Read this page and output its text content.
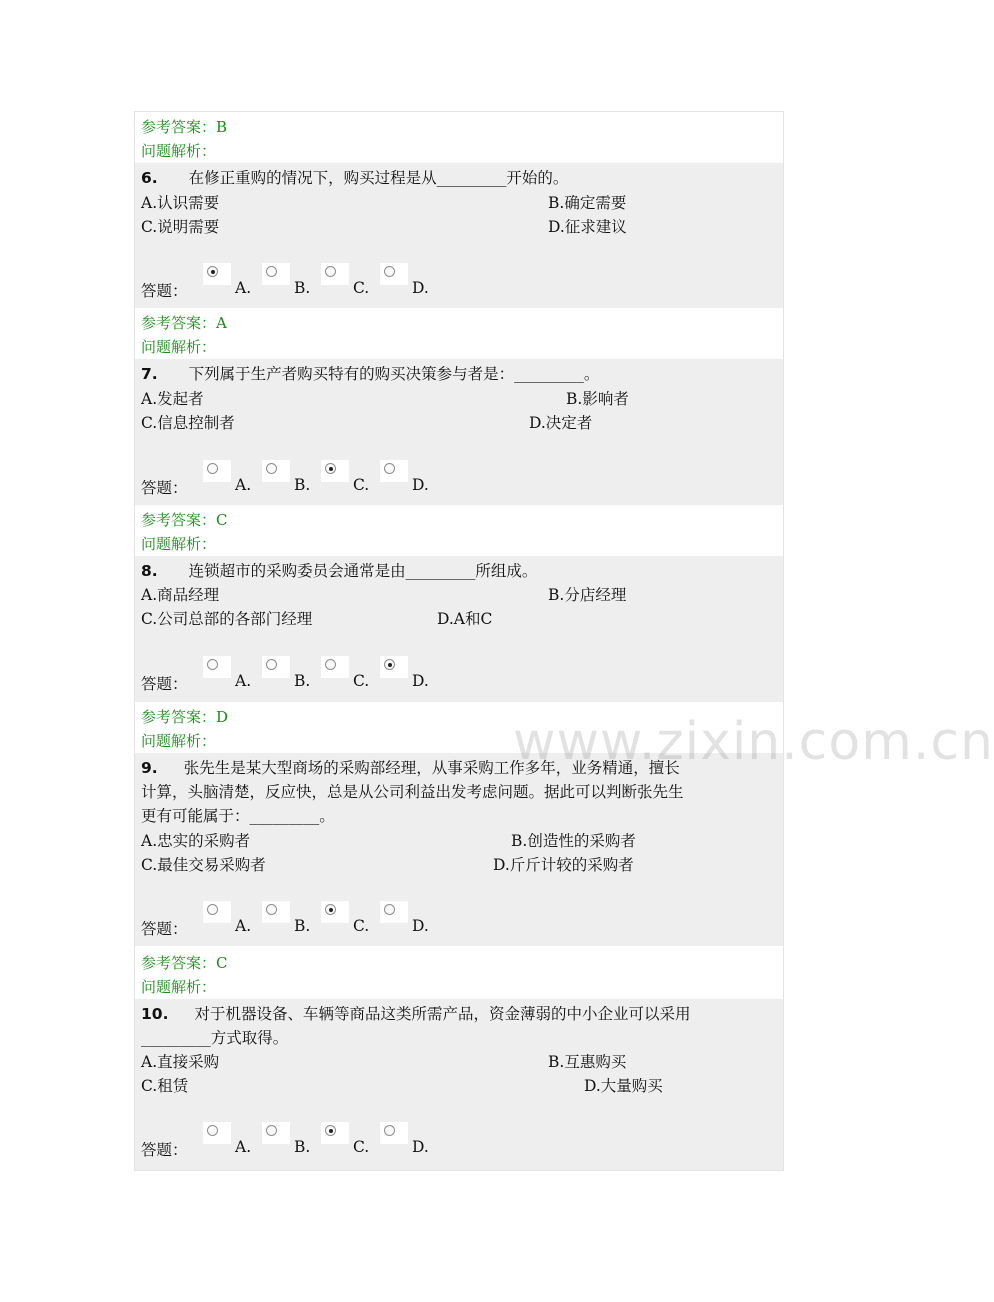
参考答案：B
问题解析：
6. 在修正重购的情况下，购买过程是从_________开始的。
A.认识需要	B.确定需要
C.说明需要	D.征求建议
答题：	A.	B.	C.	D.
参考答案：A
问题解析：
7. 下列属于生产者购买特有的购买决策参与者是：_________。
A.发起者	B.影响者
C.信息控制者	D.决定者
答题：	A.	B.	C.	D.
参考答案：C
问题解析：
8. 连锁超市的采购委员会通常是由_________所组成。
A.商品经理	B.分店经理
C.公司总部的各部门经理	D.A和C
答题：	A.	B.	C.	D.
参考答案：D
问题解析：
9. 张先生是某大型商场的采购部经理，从事采购工作多年，业务精通，擅长
计算，头脑清楚，反应快，总是从公司利益出发考虑问题。据此可以判断张先生
更有可能属于：_________。
A.忠实的采购者	B.创造性的采购者
C.最佳交易采购者	D.斤斤计较的采购者
答题：	A.	B.	C.	D.
参考答案：C
问题解析：
10. 对于机器设备、车辆等商品这类所需产品，资金薄弱的中小企业可以采用
_________方式取得。
A.直接采购	B.互惠购买
C.租赁	D.大量购买
答题：	A.	B.	C.	D.
www.zixin.com.cn
